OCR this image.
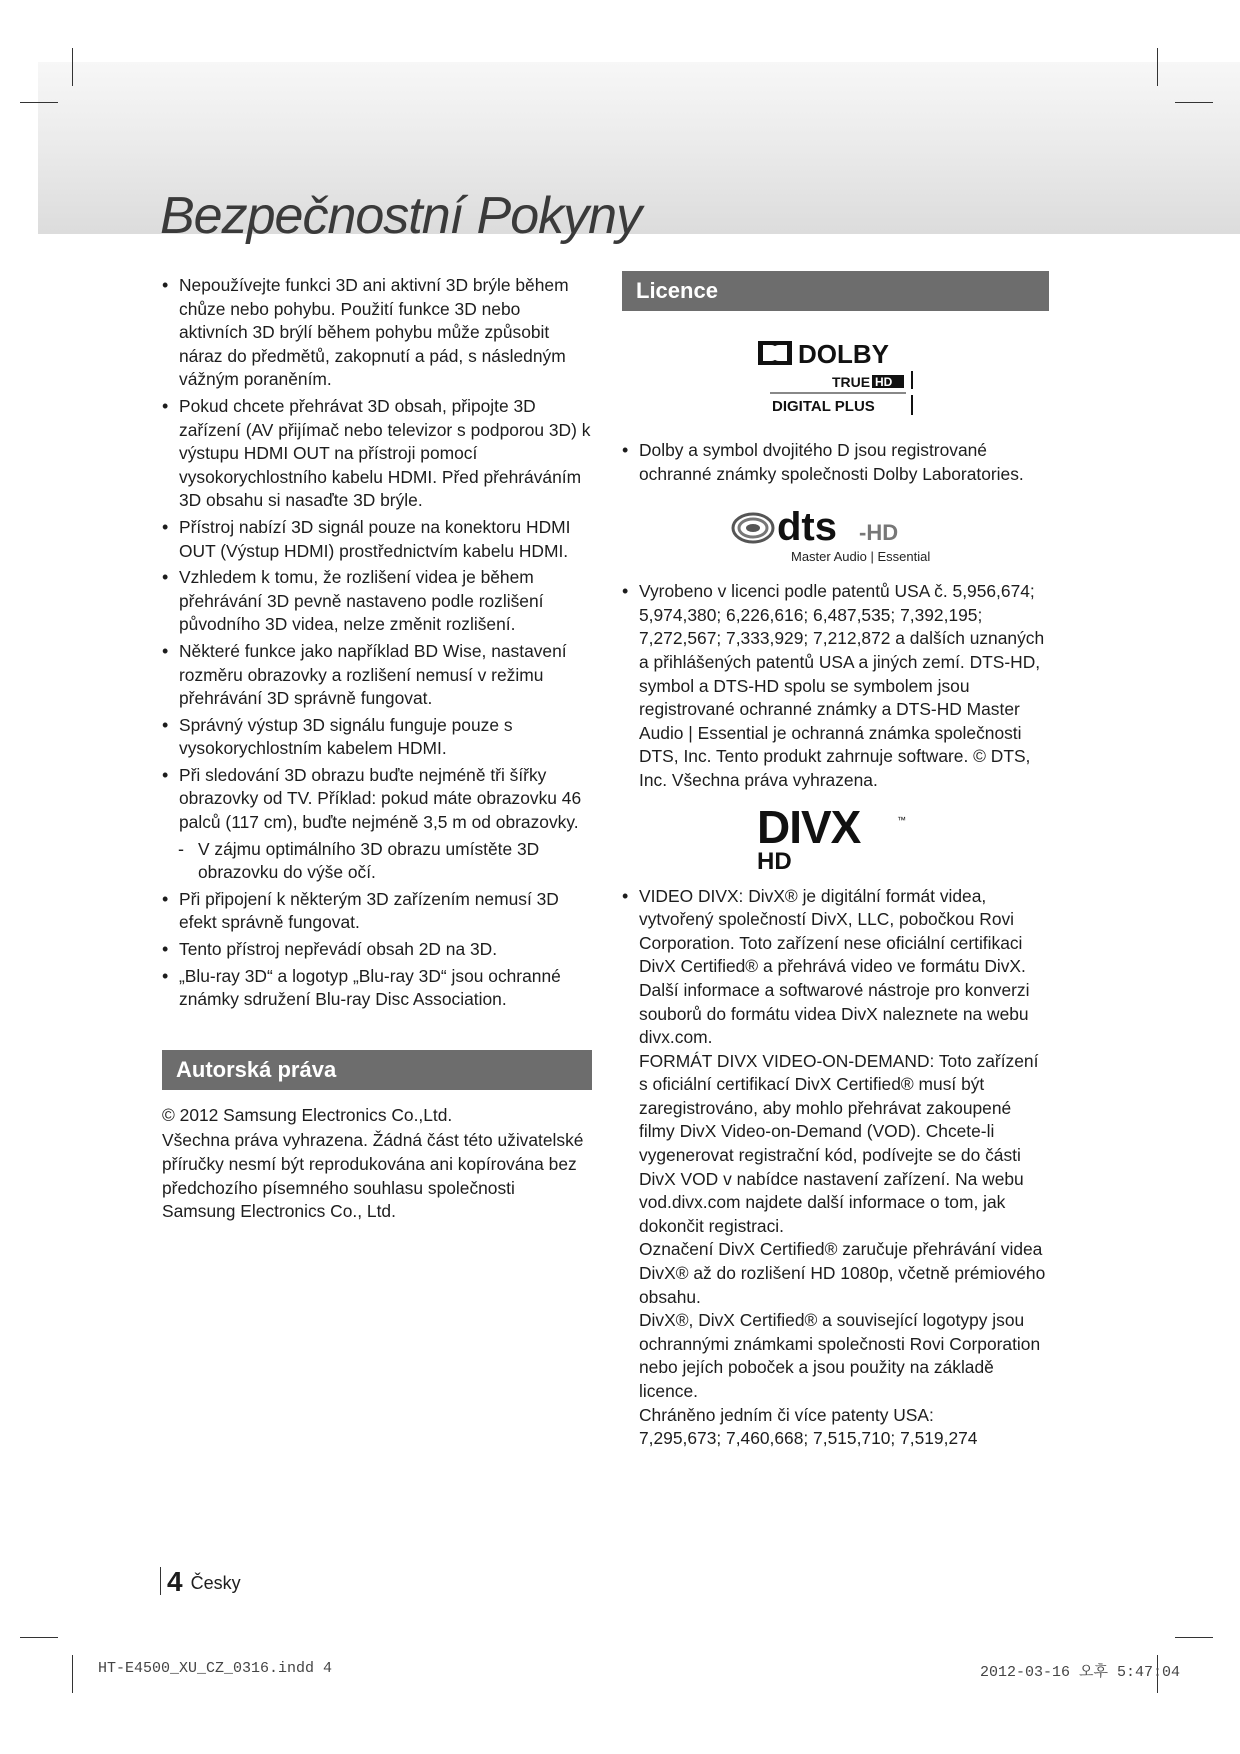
Bezpečnostní Pokyny
• Nepoužívejte funkci 3D ani aktivní 3D brýle během chůze nebo pohybu. Použití funkce 3D nebo aktivních 3D brýlí během pohybu může způsobit náraz do předmětů, zakopnutí a pád, s následným vážným poraněním.
• Pokud chcete přehrávat 3D obsah, připojte 3D zařízení (AV přijímač nebo televizor s podporou 3D) k výstupu HDMI OUT na přístroji pomocí vysokorychlostního kabelu HDMI. Před přehráváním 3D obsahu si nasaďte 3D brýle.
• Přístroj nabízí 3D signál pouze na konektoru HDMI OUT (Výstup HDMI) prostřednictvím kabelu HDMI.
• Vzhledem k tomu, že rozlišení videa je během přehrávání 3D pevně nastaveno podle rozlišení původního 3D videa, nelze změnit rozlišení.
• Některé funkce jako například BD Wise, nastavení rozměru obrazovky a rozlišení nemusí v režimu přehrávání 3D správně fungovat.
• Správný výstup 3D signálu funguje pouze s vysokorychlostním kabelem HDMI.
• Při sledování 3D obrazu buďte nejméně tři šířky obrazovky od TV. Příklad: pokud máte obrazovku 46 palců (117 cm), buďte nejméně 3,5 m od obrazovky.
- V zájmu optimálního 3D obrazu umístěte 3D obrazovku do výše očí.
• Při připojení k některým 3D zařízením nemusí 3D efekt správně fungovat.
• Tento přístroj nepřevádí obsah 2D na 3D.
• „Blu-ray 3D“ a logotyp „Blu-ray 3D“ jsou ochranné známky sdružení Blu-ray Disc Association.
Autorská práva

© 2012 Samsung Electronics Co.,Ltd.

Všechna práva vyhrazena. Žádná část této uživatelské příručky nesmí být reprodukována ani kopírována bez předchozího písemného souhlasu společnosti Samsung Electronics Co., Ltd.

Licence
DOLBY
TRUE HD
DIGITAL PLUS
• Dolby a symbol dvojitého D jsou registrované ochranné známky společnosti Dolby Laboratories.
dts -HD
Master Audio | Essential
• Vyrobeno v licenci podle patentů USA č. 5,956,674; 5,974,380; 6,226,616; 6,487,535; 7,392,195; 7,272,567; 7,333,929; 7,212,872 a dalších uznaných a přihlášených patentů USA a jiných zemí. DTS-HD, symbol a DTS-HD spolu se symbolem jsou registrované ochranné známky a DTS-HD Master Audio | Essential je ochranná známka společnosti DTS, Inc. Tento produkt zahrnuje software. © DTS, Inc. Všechna práva vyhrazena.
DIVX	™
HD
• VIDEO DIVX: DivX® je digitální formát videa, vytvořený společností DivX, LLC, pobočkou Rovi Corporation. Toto zařízení nese oficiální certifikaci DivX Certified® a přehrává video ve formátu DivX. Další informace a softwarové nástroje pro konverzi souborů do formátu videa DivX naleznete na webu divx.com.
FORMÁT DIVX VIDEO-ON-DEMAND: Toto zařízení s oficiální certifikací DivX Certified® musí být zaregistrováno, aby mohlo přehrávat zakoupené filmy DivX Video-on-Demand (VOD). Chcete-li vygenerovat registrační kód, podívejte se do části DivX VOD v nabídce nastavení zařízení. Na webu vod.divx.com najdete další informace o tom, jak dokončit registraci.
Označení DivX Certified® zaručuje přehrávání videa DivX® až do rozlišení HD 1080p, včetně prémiového obsahu.
DivX®, DivX Certified® a související logotypy jsou ochrannými známkami společnosti Rovi Corporation nebo jejích poboček a jsou použity na základě licence.
Chráněno jedním či více patenty USA:
7,295,673; 7,460,668; 7,515,710; 7,519,274
4 Česky
HT-E4500_XU_CZ_0316.indd 4	2012-03-16 오후 5:47:04
